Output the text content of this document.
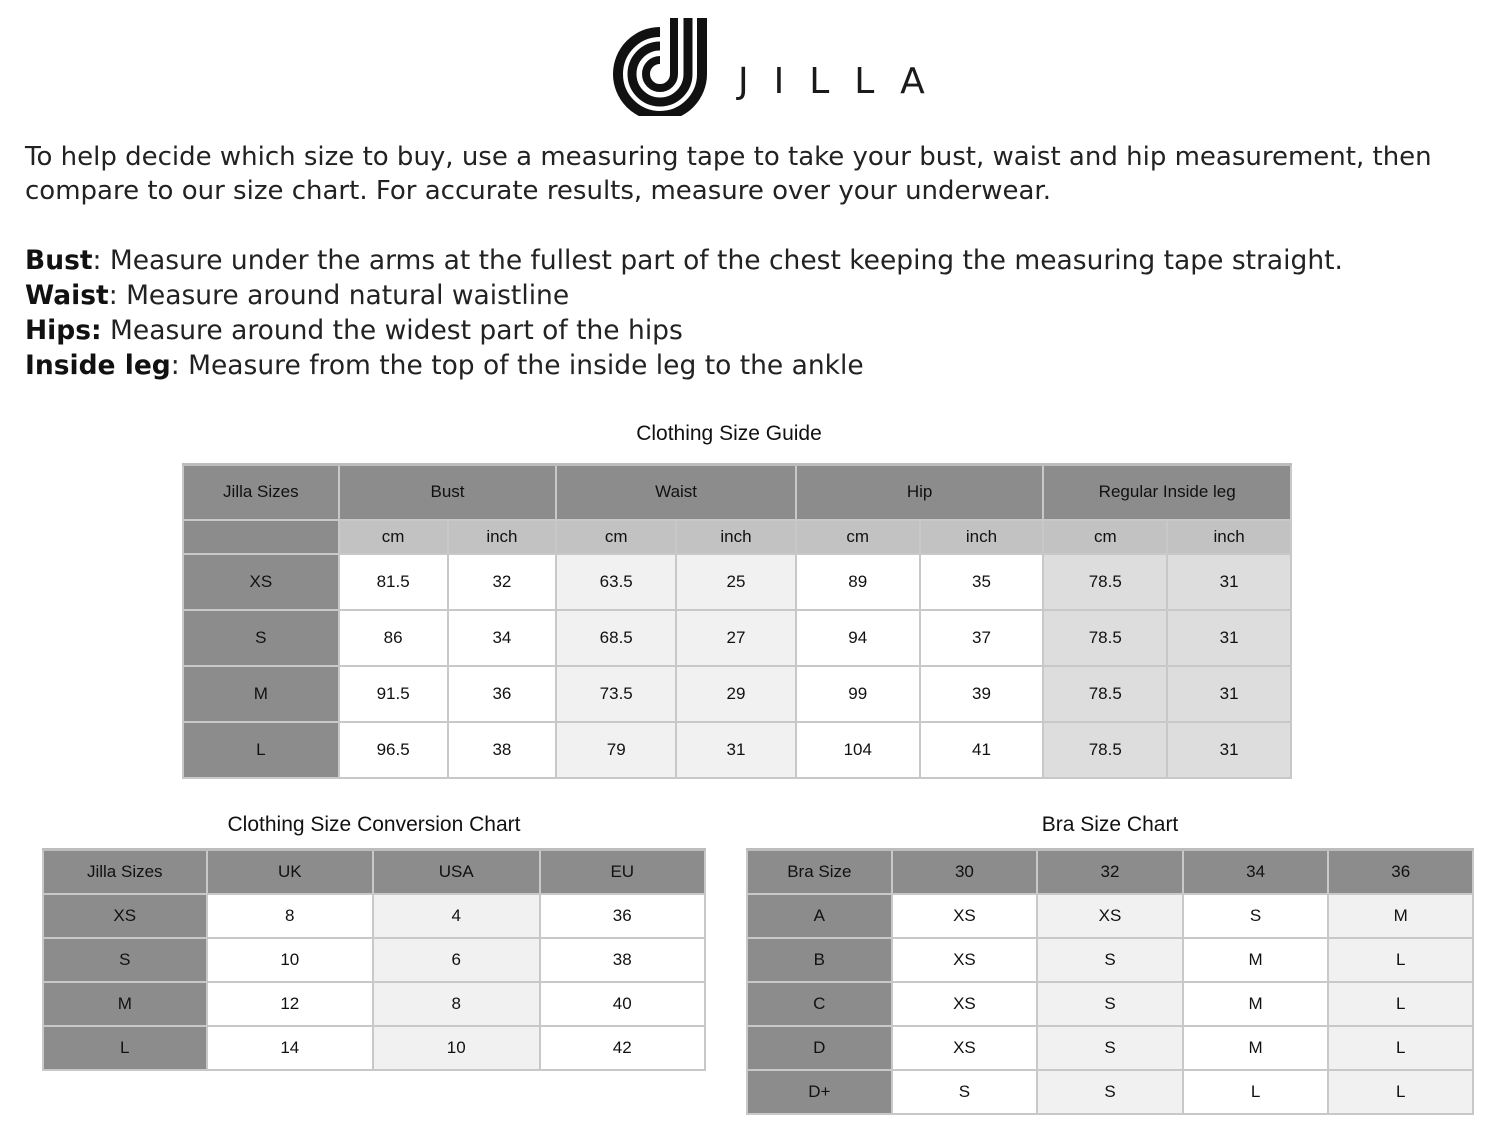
JILLA

To help decide which size to buy, use a measuring tape to take your bust, waist and hip measurement, then compare to our size chart. For accurate results, measure over your underwear.

Bust: Measure under the arms at the fullest part of the chest keeping the measuring tape straight.

Waist: Measure around natural waistline

Hips: Measure around the widest part of the hips

Inside leg: Measure from the top of the inside leg to the ankle

Clothing Size Guide
Jilla Sizes	Bust		Waist		Hip		Regular Inside leg	
	cm	inch	cm	inch	cm	inch	cm	inch
XS	81.5	32	63.5	25	89	35	78.5	31
S	86	34	68.5	27	94	37	78.5	31
M	91.5	36	73.5	29	99	39	78.5	31
L	96.5	38	79	31	104	41	78.5	31
Clothing Size Conversion Chart
Jilla Sizes	UK	USA	EU
XS	8	4	36
S	10	6	38
M	12	8	40
L	14	10	42
Bra Size Chart
Bra Size	30	32	34	36
A	XS	XS	S	M
B	XS	S	M	L
C	XS	S	M	L
D	XS	S	M	L
D+	S	S	L	L
